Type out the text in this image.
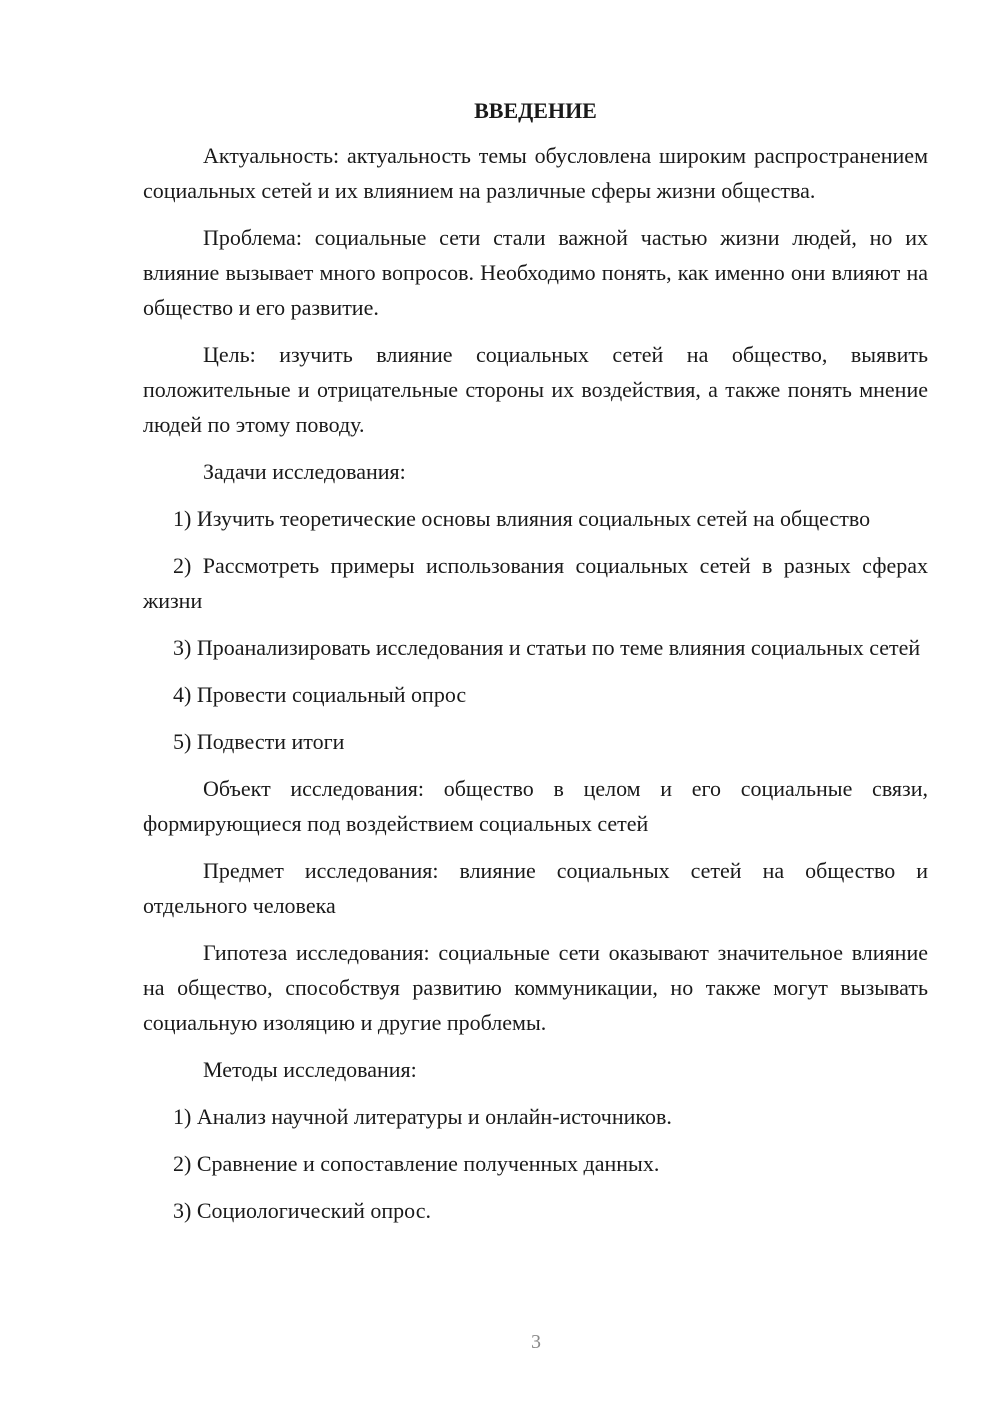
ВВЕДЕНИЕ

Актуальность: актуальность темы обусловлена широким распространением социальных сетей и их влиянием на различные сферы жизни общества.

Проблема: социальные сети стали важной частью жизни людей, но их влияние вызывает много вопросов. Необходимо понять, как именно они влияют на общество и его развитие.

Цель: изучить влияние социальных сетей на общество, выявить положительные и отрицательные стороны их воздействия, а также понять мнение людей по этому поводу.

Задачи исследования:

1) Изучить теоретические основы влияния социальных сетей на общество

2) Рассмотреть примеры использования социальных сетей в разных сферах жизни

3) Проанализировать исследования и статьи по теме влияния социальных сетей

4) Провести социальный опрос

5) Подвести итоги

Объект исследования: общество в целом и его социальные связи, формирующиеся под воздействием социальных сетей

Предмет исследования: влияние социальных сетей на общество и отдельного человека

Гипотеза исследования: социальные сети оказывают значительное влияние на общество, способствуя развитию коммуникации, но также могут вызывать социальную изоляцию и другие проблемы.

Методы исследования:

1) Анализ научной литературы и онлайн-источников.

2) Сравнение и сопоставление полученных данных.

3) Социологический опрос.

3
